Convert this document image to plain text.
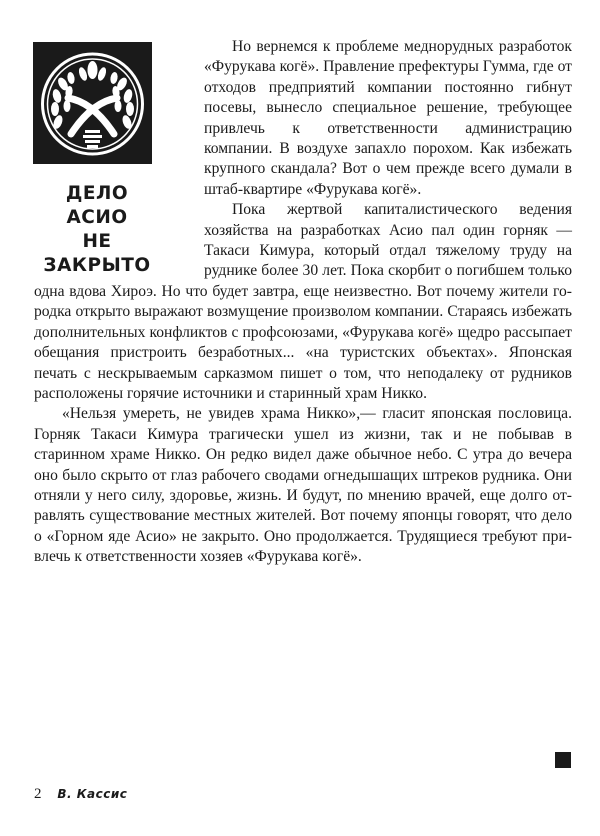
ДЕЛО
АСИО
НЕ
ЗАКРЫТО

Но вернемся к проблеме меднорудных разработок «Фурукава когё». Правление префектуры Гумма, где от отходов предприятий компании постоянно гибнут посевы, вынесло специальное решение, требующее привлечь к ответственности администрацию компании. В воздухе запахло порохом. Как избежать крупного скандала? Вот о чем прежде всего думали в штаб-квартире «Фурукава когё».

Пока жертвой капиталистического ведения хозяйства на разработках Асио пал один горняк — Такаси Кимура, который отдал тяжелому труду на руднике более 30 лет. Пока скорбит о погибшем только одна вдова Хироэ. Но что будет завтра, еще неизвестно. Вот почему жители городка открыто выражают возмущение произволом компании. Стараясь избежать дополнительных конфликтов с профсоюзами, «Фурукава когё» щедро рассыпает обещания пристроить безработных... «на туристских объектах». Японская печать с нескрываемым сарказмом пишет о том, что неподалеку от рудников расположены горячие источники и старинный храм Никко.

«Нельзя умереть, не увидев храма Никко»,— гласит японская пословица. Горняк Такаси Кимура трагически ушел из жизни, так и не побывав в старинном храме Никко. Он редко видел даже обычное небо. С утра до вечера оно было скрыто от глаз рабочего сводами огнедышащих штреков рудника. Они отняли у него силу, здоровье, жизнь. И будут, по мнению врачей, еще долго отравлять существование местных жителей. Вот почему японцы говорят, что дело о «Горном яде Асио» не закрыто. Оно продолжается. Трудящиеся требуют привлечь к ответственности хозяев «Фурукава когё».

2 В. Кассис
